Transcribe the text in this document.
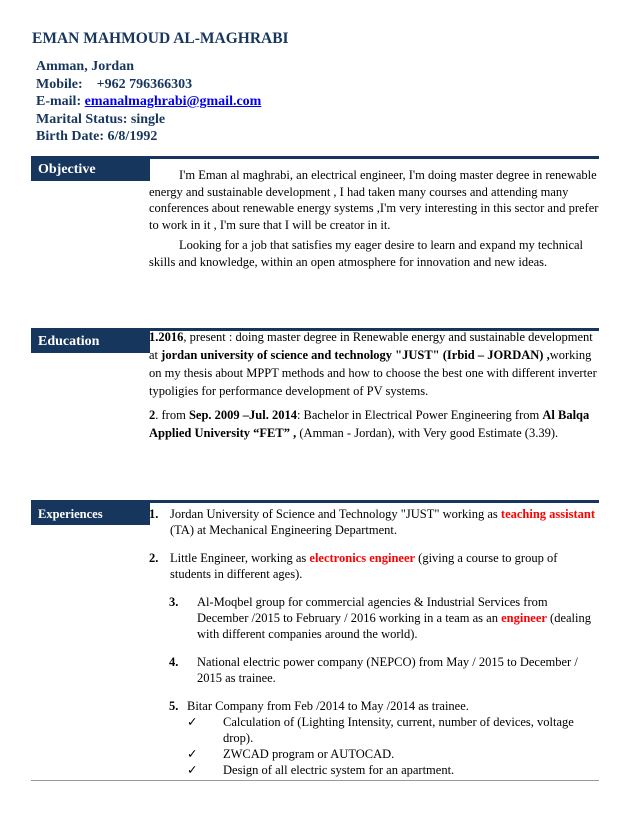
EMAN MAHMOUD AL-MAGHRABI
Amman, Jordan
Mobile: +962 796366303
E-mail: emanalmaghrabi@gmail.com
Marital Status: single
Birth Date: 6/8/1992
Objective	I'm Eman al maghrabi, an electrical engineer, I'm doing master degree in renewable energy and sustainable development , I had taken many courses and attending many conferences about renewable energy systems ,I'm very interesting in this sector and prefer to work in it , I'm sure that I will be creator in it.

Looking for a job that satisfies my eager desire to learn and expand my technical skills and knowledge, within an open atmosphere for innovation and new ideas.

Education	1.2016, present : doing master degree in Renewable energy and sustainable development at jordan university of science and technology "JUST" (Irbid – JORDAN) ,working on my thesis about MPPT methods and how to choose the best one with different inverter typoligies for performance development of PV systems.

2. from Sep. 2009 –Jul. 2014: Bachelor in Electrical Power Engineering from Al Balqa Applied University “FET” , (Amman - Jordan), with Very good Estimate (3.39).

Experiences	1. Jordan University of Science and Technology "JUST" working as teaching assistant (TA) at Mechanical Engineering Department.
2. Little Engineer, working as electronics engineer (giving a course to group of students in different ages).
3. Al-Moqbel group for commercial agencies & Industrial Services from December /2015 to February / 2016 working in a team as an engineer (dealing with different companies around the world).
4. National electric power company (NEPCO) from May / 2015 to December / 2015 as trainee.
5. Bitar Company from Feb /2014 to May /2014 as trainee.
✓ Calculation of (Lighting Intensity, current, number of devices, voltage drop).
✓ ZWCAD program or AUTOCAD.
✓ Design of all electric system for an apartment.
